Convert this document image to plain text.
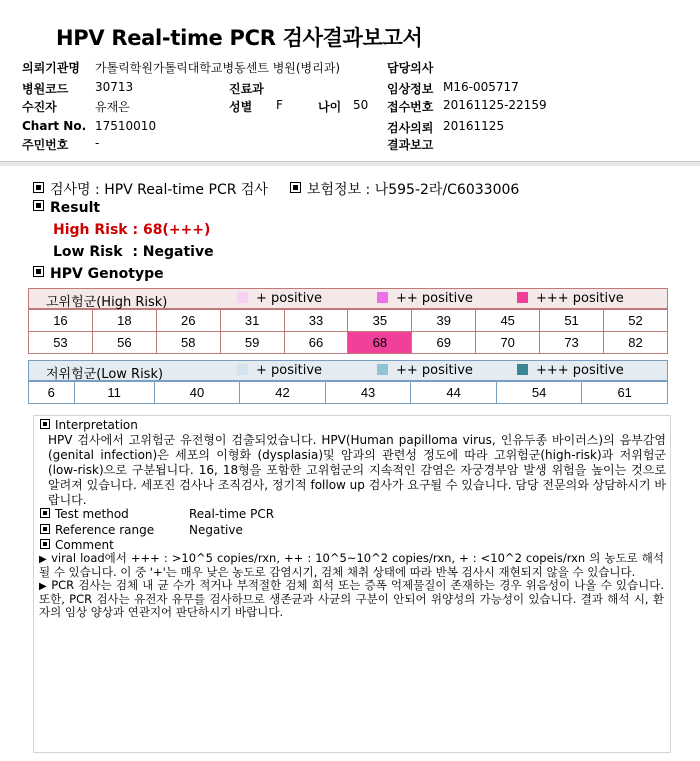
HPV Real-time PCR 검사결과보고서
의뢰기관명 가톨릭학원가톨릭대학교병동센트 병원(병리과)
병원코드 30713	진료과
수진자	유재은	성별 F	나이 50
Chart No. 17510010
주민번호 -
담당의사
임상정보 M16-005717
접수번호 20161125-22159
검사의뢰 20161125
결과보고
검사명 : HPV Real-time PCR 검사	보험정보 : 나595-2라/C6033006
Result
High Risk : 68(+++)
Low Risk  : Negative
HPV Genotype
고위험군(High Risk)	+ positive	++ positive	+++ positive
16	18	26	31	33	35	39	45	51	52
53	56	58	59	66	68	69	70	73	82
저위험군(Low Risk)	+ positive	++ positive	+++ positive
6	11	40	42	43	44	54	61
Interpretation
HPV 검사에서 고위험군 유전형이 검출되었습니다. HPV(Human papilloma virus, 인유두종 바이러스)의 음부감염(genital infection)은 세포의 이형화 (dysplasia)및 암과의 관련성 정도에 따라 고위험군(high-risk)과 저위험군(low-risk)으로 구분됩니다. 16, 18형을 포함한 고위험군의 지속적인 감염은 자궁경부암 발생 위험을 높이는 것으로 알려져 있습니다. 세포진 검사나 조직검사, 정기적 follow up 검사가 요구될 수 있습니다. 담당 전문의와 상담하시기 바랍니다.
Test method	Real-time PCR
Reference range	Negative
Comment
▶ viral load에서 +++ : >10^5 copies/rxn, ++ : 10^5~10^2 copies/rxn, + : <10^2 copeis/rxn 의 농도로 해석될 수 있습니다. 이 중 '+'는 매우 낮은 농도로 감염시기, 검체 채취 상태에 따라 반복 검사시 재현되지 않을 수 있습니다.
▶ PCR 검사는 검체 내 균 수가 적거나 부적절한 검체 희석 또는 증폭 억제물질이 존재하는 경우 위음성이 나올 수 있습니다. 또한, PCR 검사는 유전자 유무를 검사하므로 생존균과 사균의 구분이 안되어 위양성의 가능성이 있습니다. 결과 해석 시, 환자의 임상 양상과 연관지어 판단하시기 바랍니다.
